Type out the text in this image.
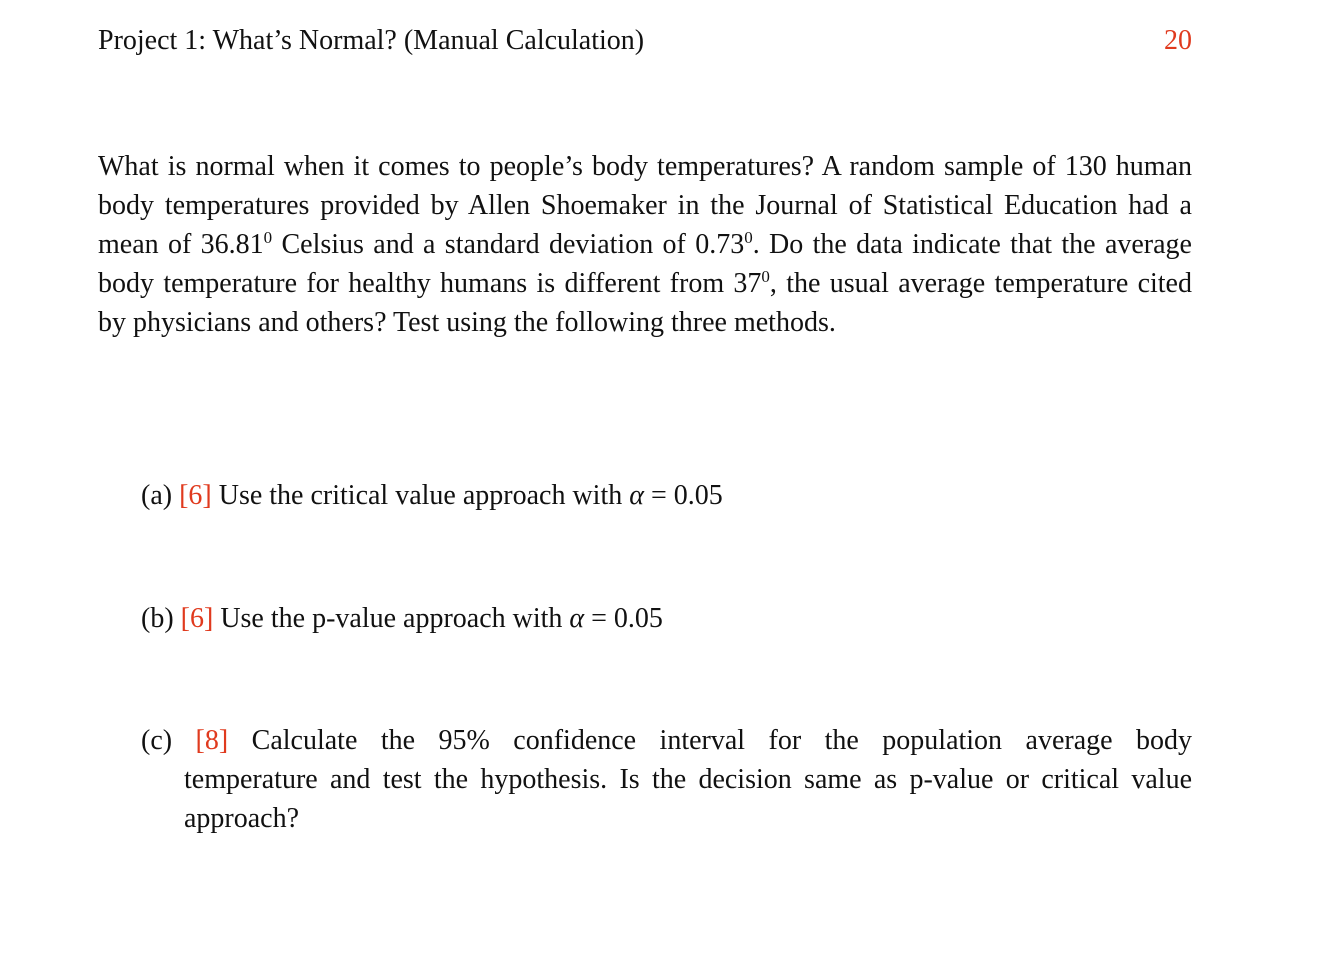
Project 1: What’s Normal? (Manual Calculation)	20

What is normal when it comes to people’s body temperatures? A random sample of 130 human body temperatures provided by Allen Shoemaker in the Journal of Statistical Education had a mean of 36.81$^0$ Celsius and a standard deviation of 0.73$^0$. Do the data indicate that the average body temperature for healthy humans is different from $37^0$, the usual average temperature cited by physicians and others? Test using the following three methods.

(a) [6] Use the critical value approach with α = 0.05

(b) [6] Use the p-value approach with α = 0.05

(c) [8] Calculate the 95% confidence interval for the population average body
temperature and test the hypothesis. Is the decision same as p-value or critical value approach?
